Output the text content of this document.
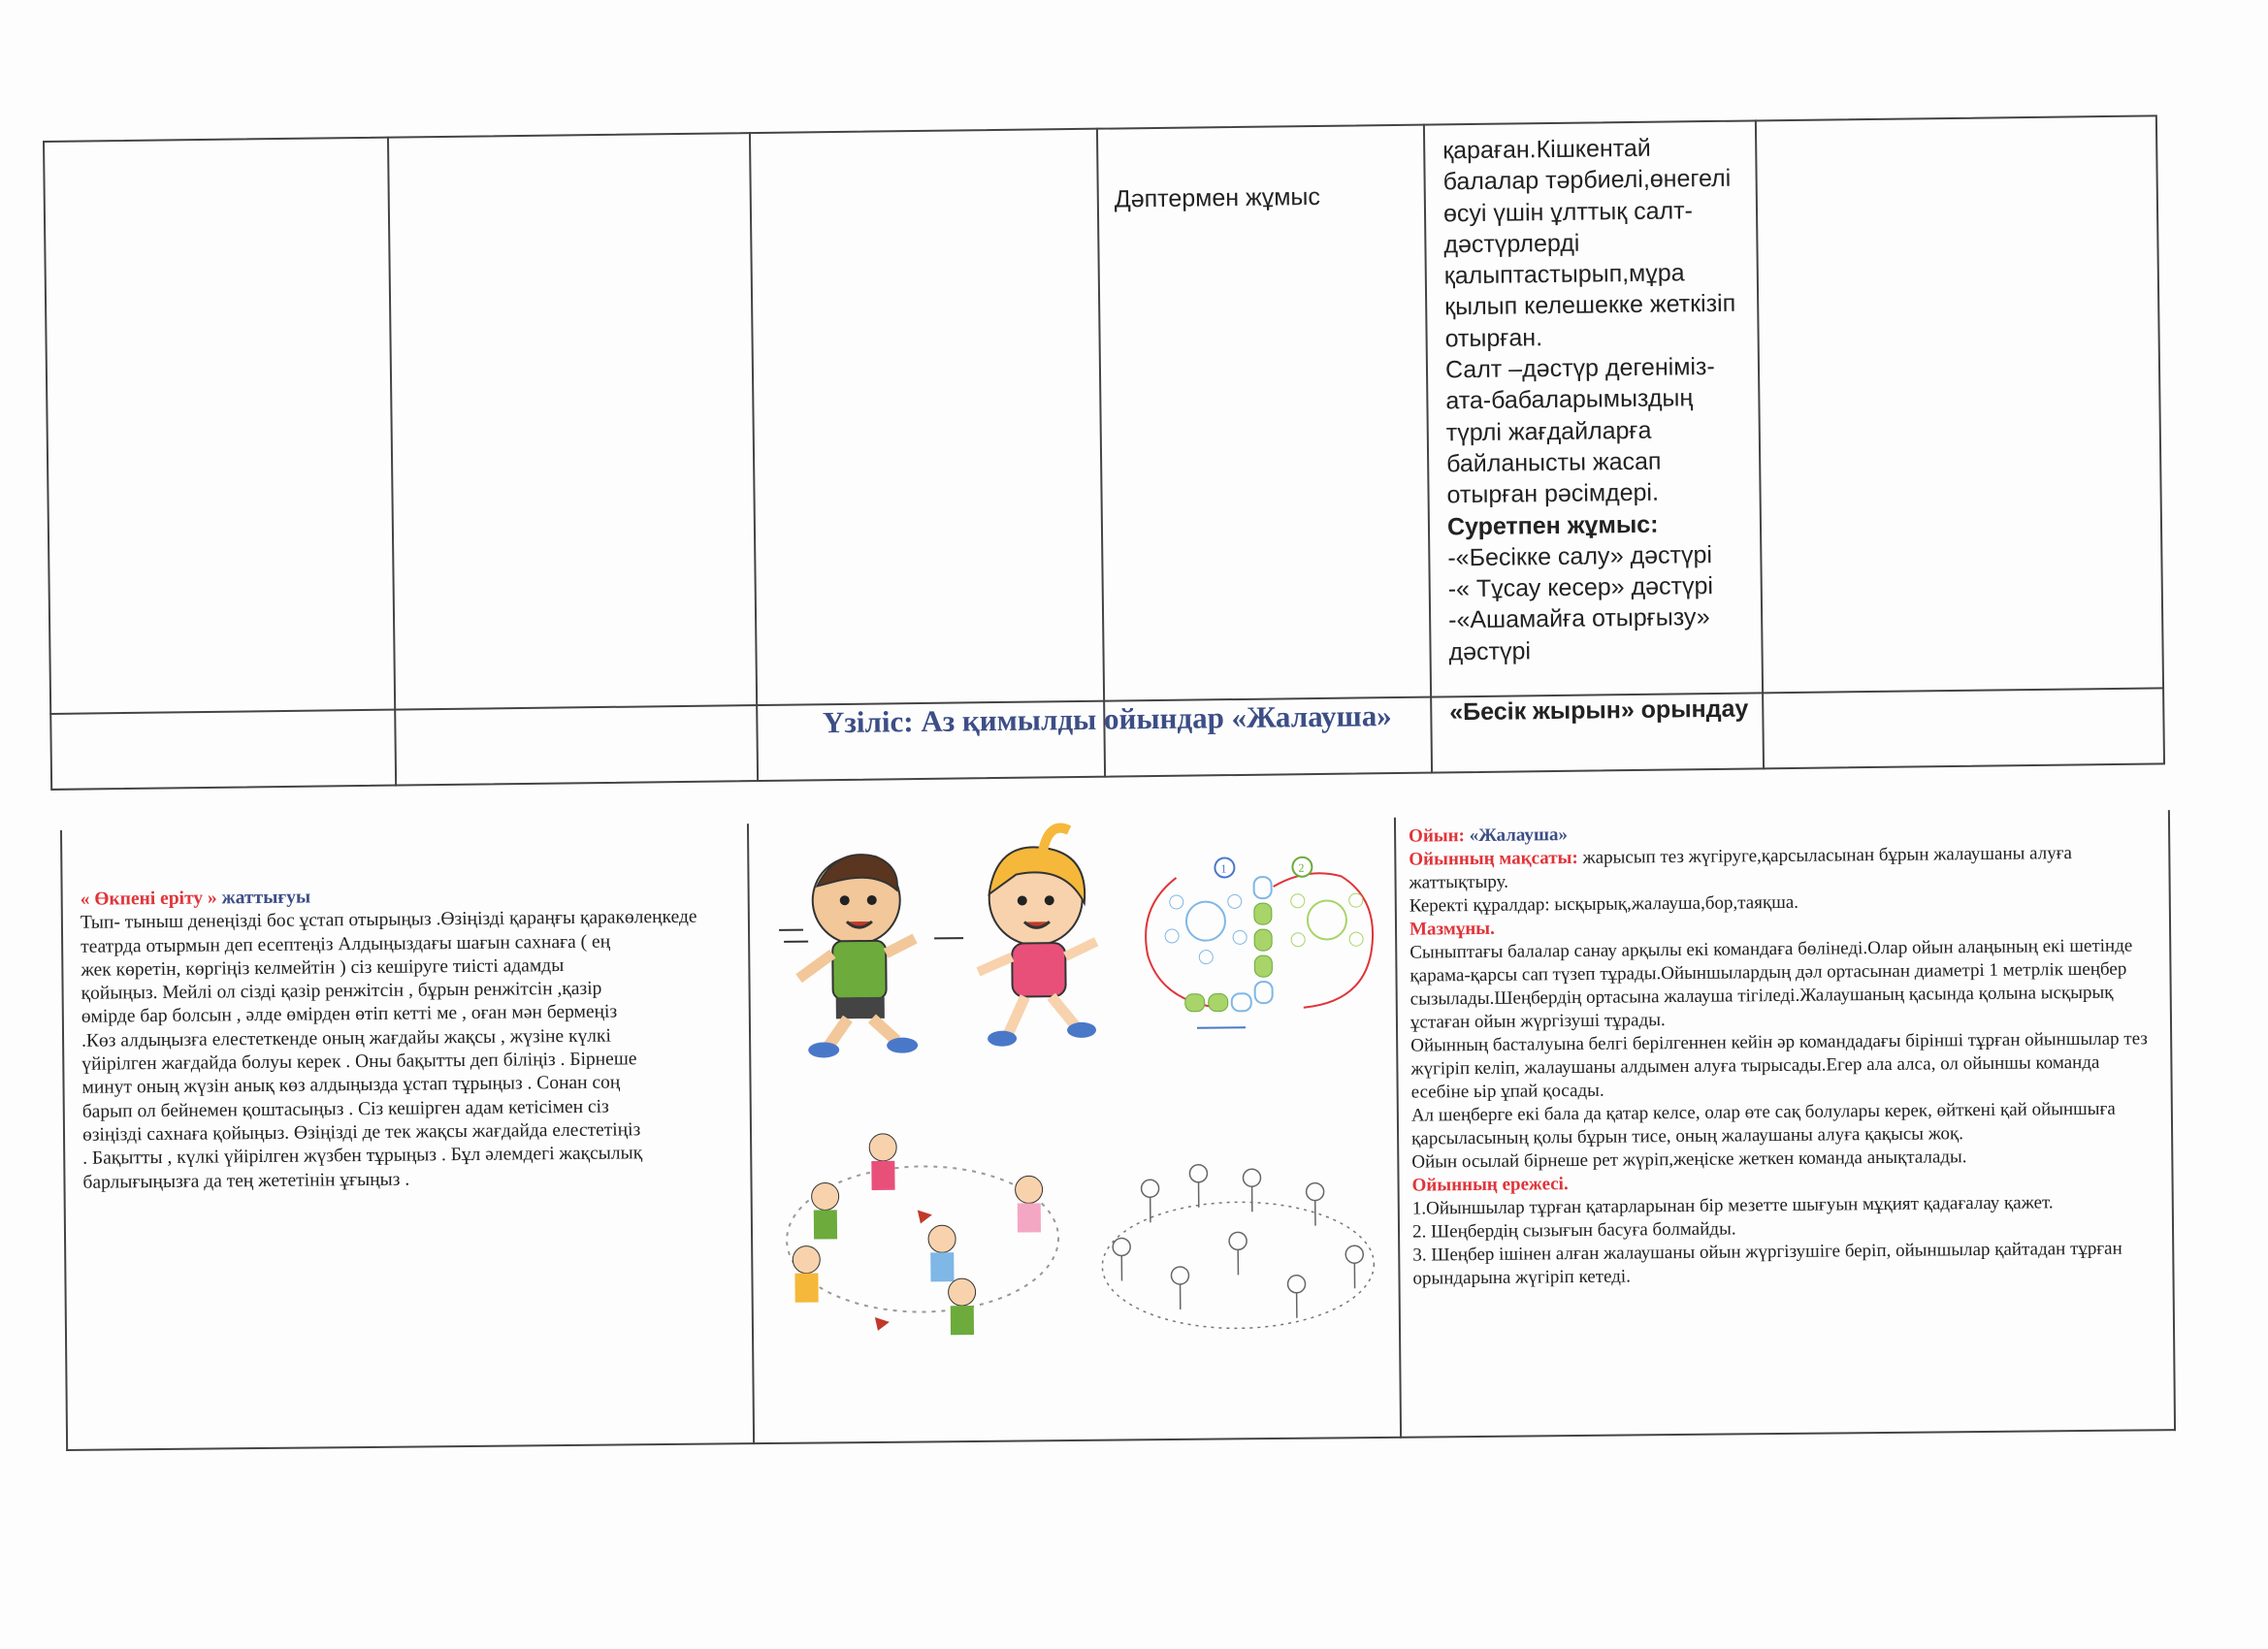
Дәптермен жұмыс
қараған.Кішкентай
балалар тәрбиелі,өнегелі
өсуі үшін ұлттық салт-
дәстүрлерді
қалыптастырып,мұра
қылып келешекке жеткізіп
отырған.
Салт –дәстүр дегеніміз-
ата-бабаларымыздың
түрлі жағдайларға
байланысты жасап
отырған рәсімдері.
Суретпен жұмыс:
-«Бесікке салу» дәстүрі
-« Тұсау кесер» дәстүрі
-«Ашамайға отырғызу»
дәстүрі
«Бесік жырын» орындау
Үзіліс: Аз қимылды ойындар «Жалауша»
« Өкпені еріту » жаттығуы
Тып- тыныш денеңізді бос ұстап отырыңыз .Өзіңізді қараңғы қаракөлеңкеде
театрда отырмын деп есептеңіз Алдыңыздағы шағын сахнаға ( ең
жек көретін, көргіңіз келмейтін ) сіз кешіруге тиісті адамды
қойыңыз. Мейлі ол сізді қазір ренжітсін , бұрын ренжітсін ,қазір
өмірде бар болсын , әлде өмірден өтіп кетті ме , оған мән бермеңіз
.Көз алдыңызға елестеткенде оның жағдайы жақсы , жүзіне күлкі
үйірілген жағдайда болуы керек . Оны бақытты деп біліңіз . Бірнеше
минут оның жүзін анық көз алдыңызда ұстап тұрыңыз . Сонан соң
барып ол бейнемен қоштасыңыз . Сіз кешірген адам кетісімен сіз
өзіңізді сахнаға қойыңыз. Өзіңізді де тек жақсы жағдайда елестетіңіз
. Бақытты , күлкі үйірілген жүзбен тұрыңыз . Бұл әлемдегі жақсылық
барлығыңызға да тең жететінін ұғыңыз .
1	2

Ойын: «Жалауша»

Ойынның мақсаты: жарысып тез жүгіруге,қарсыласынан бұрын жалаушаны алуға жаттықтыру.

Керекті құралдар: ысқырық,жалауша,бор,таяқша.

Мазмұны.

Сыныптағы балалар санау арқылы екі командаға бөлінеді.Олар ойын алаңының екі шетінде қарама-қарсы сап түзеп тұрады.Ойыншылардың дәл ортасынан диаметрі 1 метрлік шеңбер сызылады.Шеңбердің ортасына жалауша тігіледі.Жалаушаның қасында қолына ысқырық ұстаған ойын жүргізуші тұрады.
Ойынның басталуына белгі берілгеннен кейін әр командадағы бірінші тұрған ойыншылар тез жүгіріп келіп, жалаушаны алдымен алуға тырысады.Егер ала алса, ол ойыншы команда есебіне ьір ұпай қосады.
Ал шеңберге екі бала да қатар келсе, олар өте сақ болулары керек, өйткені қай ойыншыға қарсыласының қолы бұрын тисе, оның жалаушаны алуға қақысы жоқ.
Ойын осылай бірнеше рет жүріп,жеңіске жеткен команда анықталады.

Ойынның ережесі.

1.Ойыншылар тұрған қатарларынан бір мезетте шығуын мұқият қадағалау қажет.
2. Шеңбердің сызығын басуға болмайды.
3. Шеңбер ішінен алған жалаушаны ойын жүргізушіге беріп, ойыншылар қайтадан тұрған орындарына жүгіріп кетеді.
